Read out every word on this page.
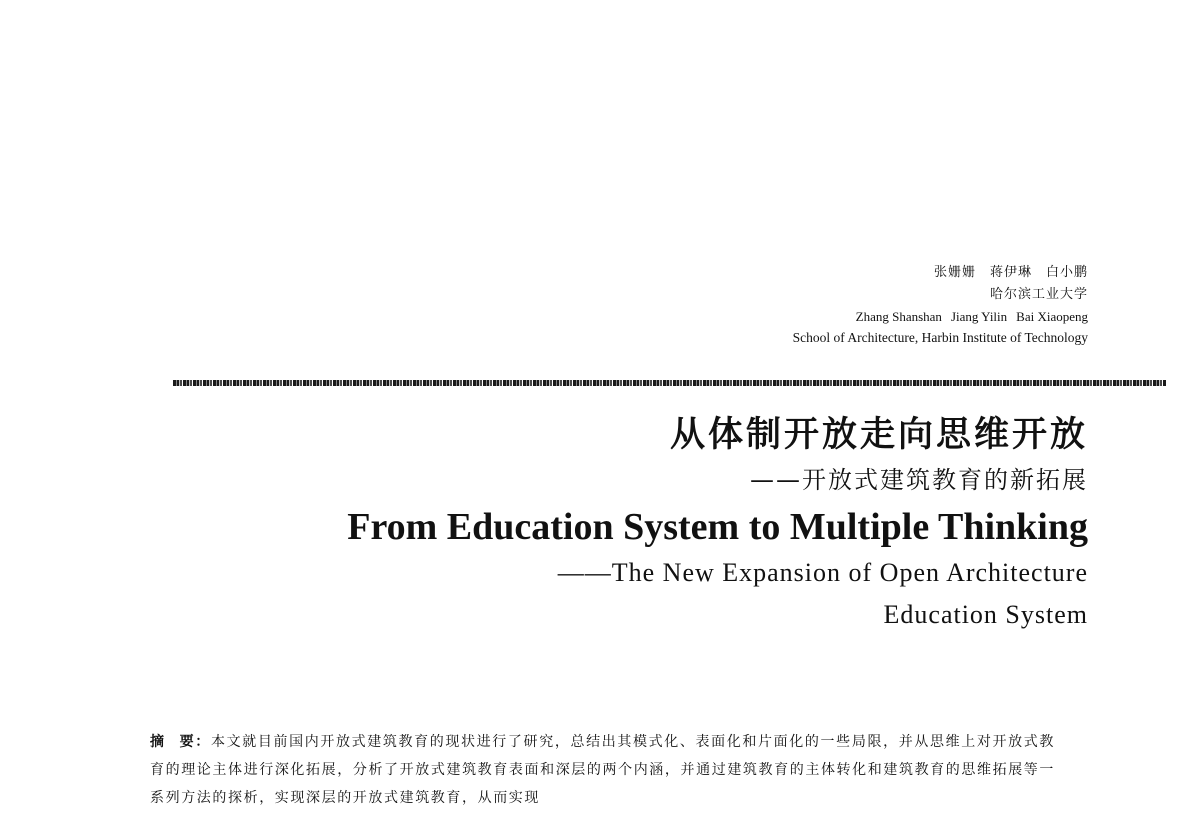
张姗姗 蒋伊琳 白小鹏
哈尔滨工业大学
Zhang Shanshan Jiang Yilin Bai Xiaopeng
School of Architecture, Harbin Institute of Technology
从体制开放走向思维开放
——开放式建筑教育的新拓展
From Education System to Multiple Thinking
——The New Expansion of Open Architecture
Education System
摘 要：本文就目前国内开放式建筑教育的现状进行了研究，总结出其模式化、表面化和片面化的一些局限，并从思维上对开放式教育的理论主体进行深化拓展，分析了开放式建筑教育表面和深层的两个内涵，并通过建筑教育的主体转化和建筑教育的思维拓展等一系列方法的探析，实现深层的开放式建筑教育，从而实现
